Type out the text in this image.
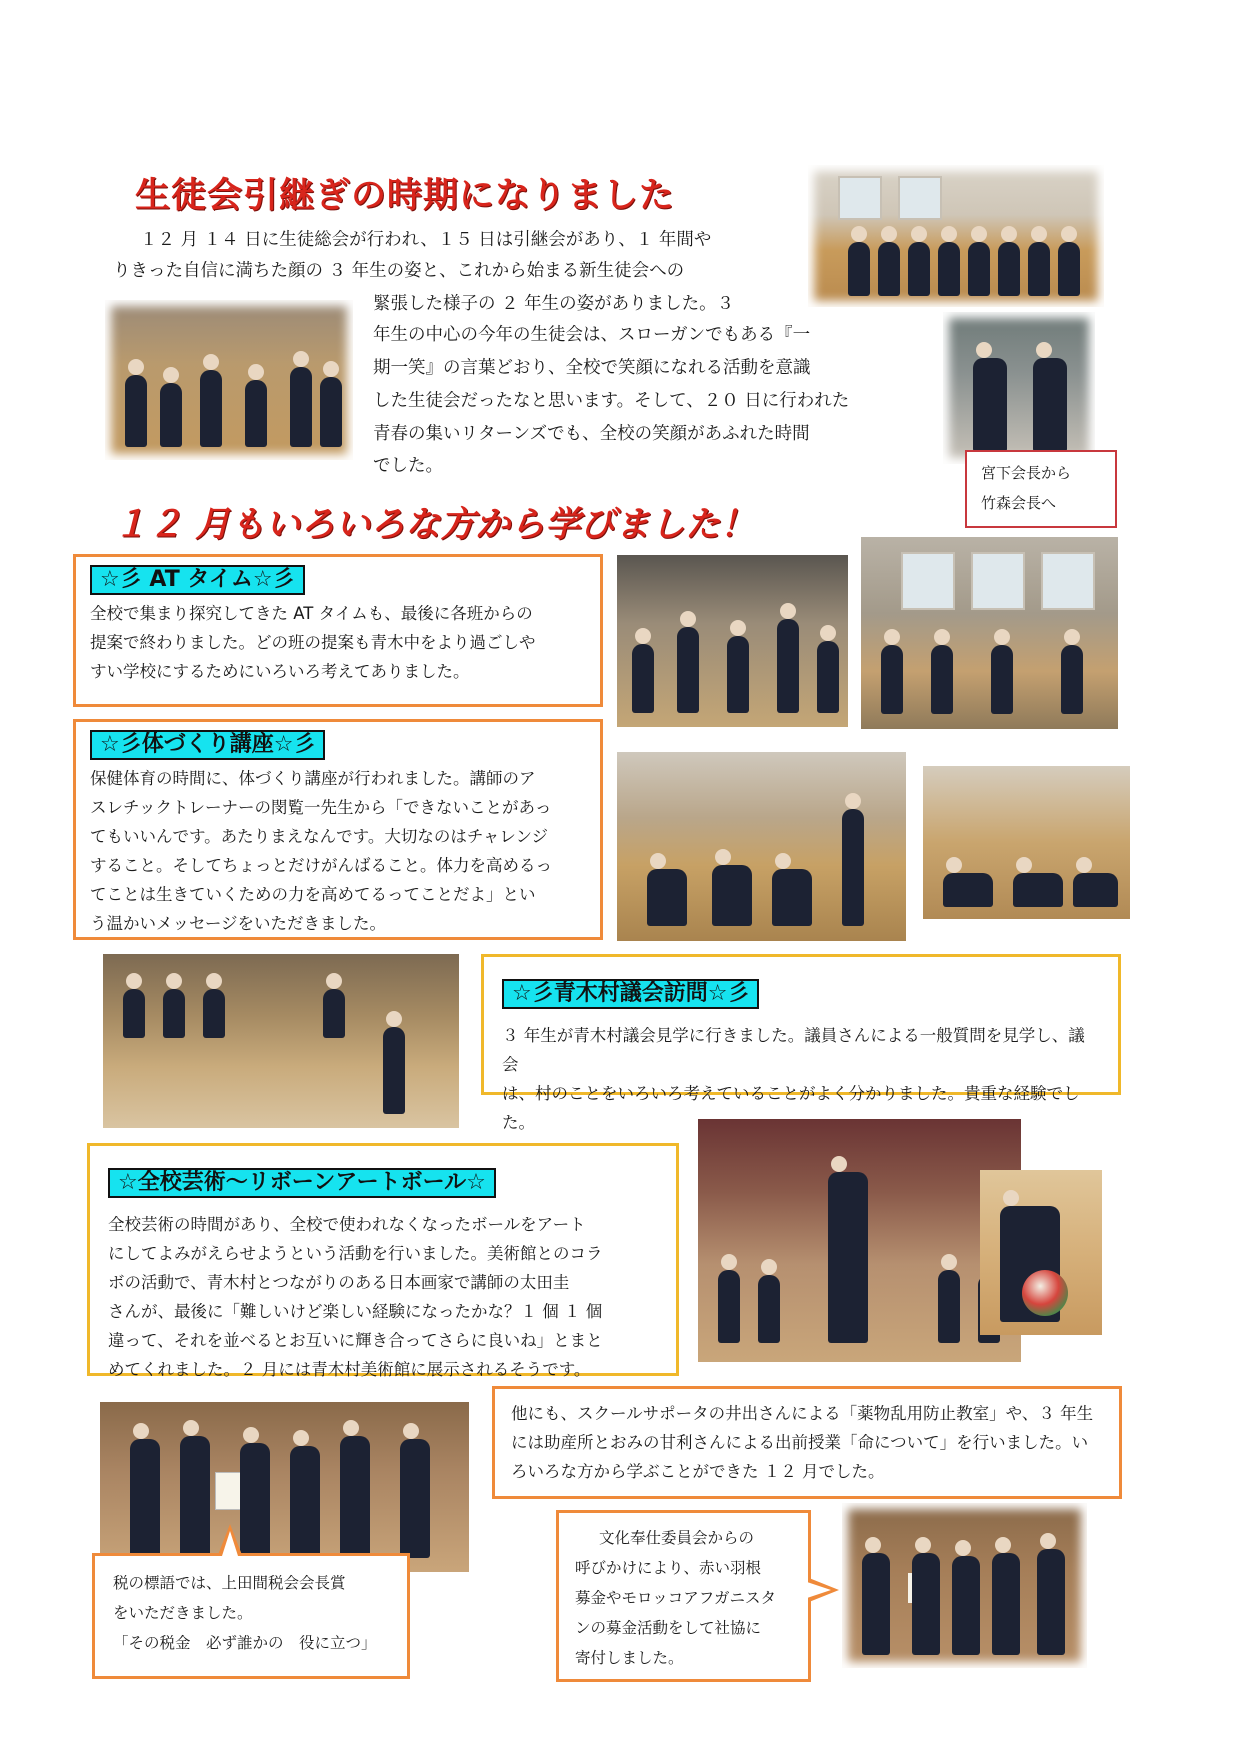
生徒会引継ぎの時期になりました
１２ 月 １４ 日に生徒総会が行われ、１５ 日は引継会があり、１ 年間や
りきった自信に満ちた顔の ３ 年生の姿と、これから始まる新生徒会への
緊張した様子の ２ 年生の姿がありました。３
年生の中心の今年の生徒会は、スローガンでもある『一
期一笑』の言葉どおり、全校で笑顔になれる活動を意識
した生徒会だったなと思います。そして、２０ 日に行われた
青春の集いリターンズでも、全校の笑顔があふれた時間
でした。	宮下会長から
竹森会長へ
１２ 月もいろいろな方から学びました！
☆彡 AT タイム☆彡

全校で集まり探究してきた AT タイムも、最後に各班からの

提案で終わりました。どの班の提案も青木中をより過ごしや

すい学校にするためにいろいろ考えてありました。

☆彡体づくり講座☆彡

保健体育の時間に、体づくり講座が行われました。講師のア

スレチックトレーナーの閔覧一先生から「できないことがあっ

てもいいんです。あたりまえなんです。大切なのはチャレンジ

すること。そしてちょっとだけがんばること。体力を高めるっ

てことは生きていくための力を高めてるってことだよ」とい

う温かいメッセージをいただきました。

☆彡青木村議会訪問☆彡

３ 年生が青木村議会見学に行きました。議員さんによる一般質問を見学し、議会

は、村のことをいろいろ考えていることがよく分かりました。貴重な経験でした。

☆全校芸術～リボーンアートボール☆

全校芸術の時間があり、全校で使われなくなったボールをアート

にしてよみがえらせようという活動を行いました。美術館とのコラ

ボの活動で、青木村とつながりのある日本画家で講師の太田圭

さんが、最後に「難しいけど楽しい経験になったかな？１ 個 １ 個

違って、それを並べるとお互いに輝き合ってさらに良いね」とまと

めてくれました。２ 月には青木村美術館に展示されるそうです。

他にも、スクールサポータの井出さんによる「薬物乱用防止教室」や、３ 年生

には助産所とおみの甘利さんによる出前授業「命について」を行いました。い

ろいろな方から学ぶことができた １２ 月でした。

税の標語では、上田間税会会長賞

をいただきました。

「その税金　必ず誰かの　役に立つ」

文化奉仕委員会からの

呼びかけにより、赤い羽根

募金やモロッコアフガニスタ

ンの募金活動をして社協に

寄付しました。
